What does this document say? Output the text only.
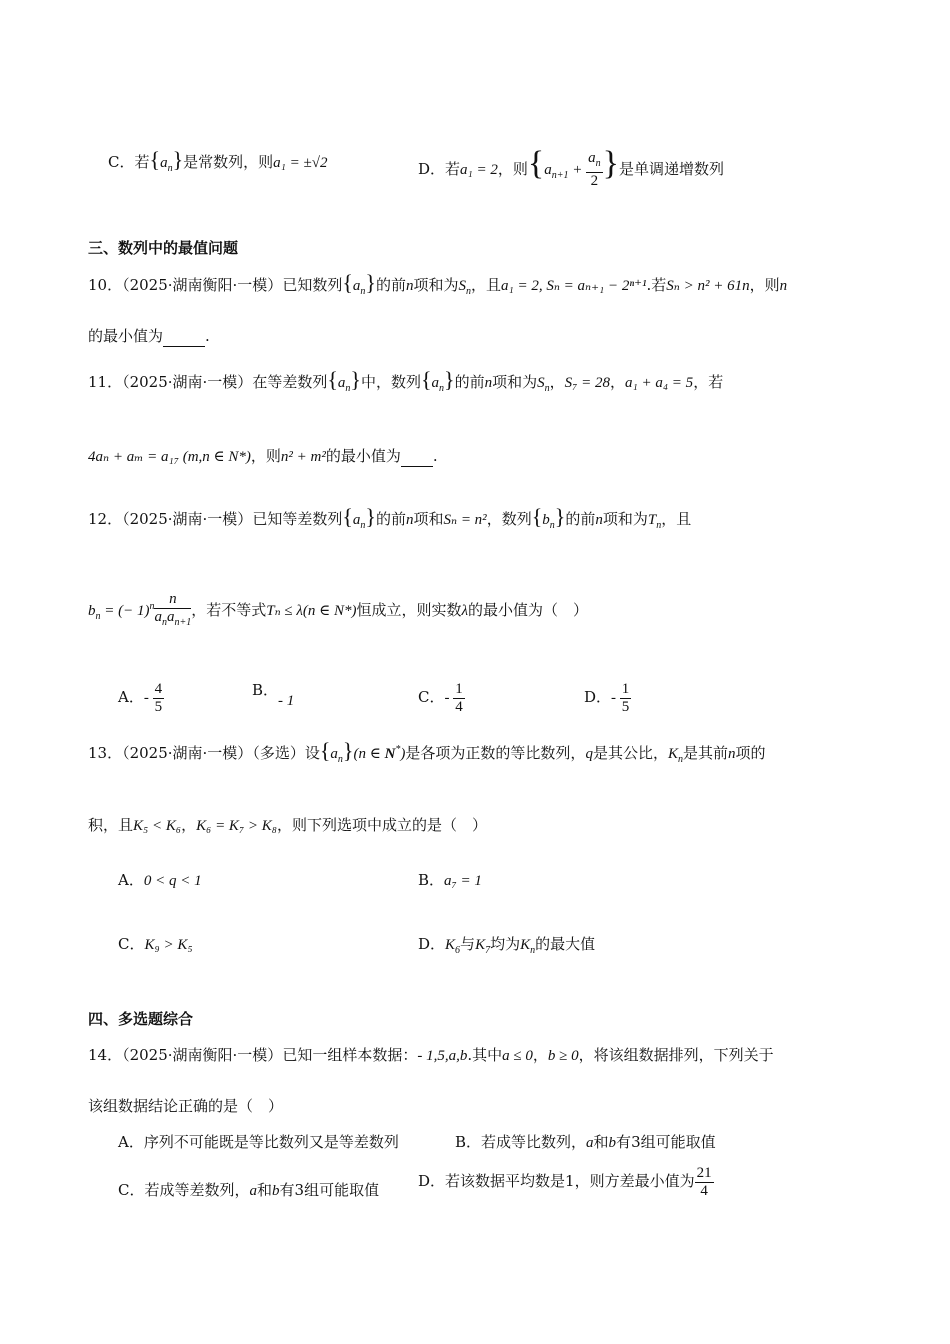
C．若$\{a_n\}$是常数列，则a₁ = ±√2	D．若a₁ = 2，则{$a_{n+1} + \frac{a_n}{2}$ }是单调递增数列
三、数列中的最值问题
10．（2025·湖南衡阳·一模）已知数列$\{a_n\}$的前n项和为$S_n$，且a₁ = 2, Sₙ = aₙ₊₁ − 2ⁿ⁺¹.若Sₙ > n² + 61n，则n
的最小值为	.
11．（2025·湖南·一模）在等差数列$\{a_n\}$中，数列$\{a_n\}$的前n项和为$S_n$，S₇ = 28，a₁ + a₄ = 5，若
4aₙ + aₘ = a₁₇ (m,n ∈ N*)，则n² + m²的最小值为 .
12．（2025·湖南·一模）已知等差数列$\{a_n\}$的前n项和Sₙ = n²，数列$\{b_n\}$的前n项和为$T_n$，且
$b_n$ = (− $1)^n \frac{n}{a_na_{n+1}}$ ，若不等式Tₙ ≤ λ(n ∈ N*)恒成立，则实数λ的最小值为（　）
A．- $\frac{4}{5}$	B．- 1	C．- $\frac{1}{4}$	D．- $\frac{1}{5}$
13．（2025·湖南·一模）（多选）设$\{a_n\}(n$ ∈ N*)是各项为正数的等比数列，q是其公比，$K_n$是其前n项的
积，且K₅ < K₆，K₆ = K₇ > K₈，则下列选项中成立的是（　）
A．0 < q < 1	B．a₇ = 1
C．K₉ > K₅	D．$K_6$与$K_7$均为$K_n$的最大值
四、多选题综合
14．（2025·湖南衡阳·一模）已知一组样本数据：- 1,5,a,b.其中a ≤ 0，b ≥ 0，将该组数据排列，下列关于
该组数据结论正确的是（　）
A．序列不可能既是等比数列又是等差数列	B．若成等比数列，a和b有3组可能取值
C．若成等差数列，a和b有3组可能取值	D．若该数据平均数是1，则方差最小值为 $\frac{21}{4}$
